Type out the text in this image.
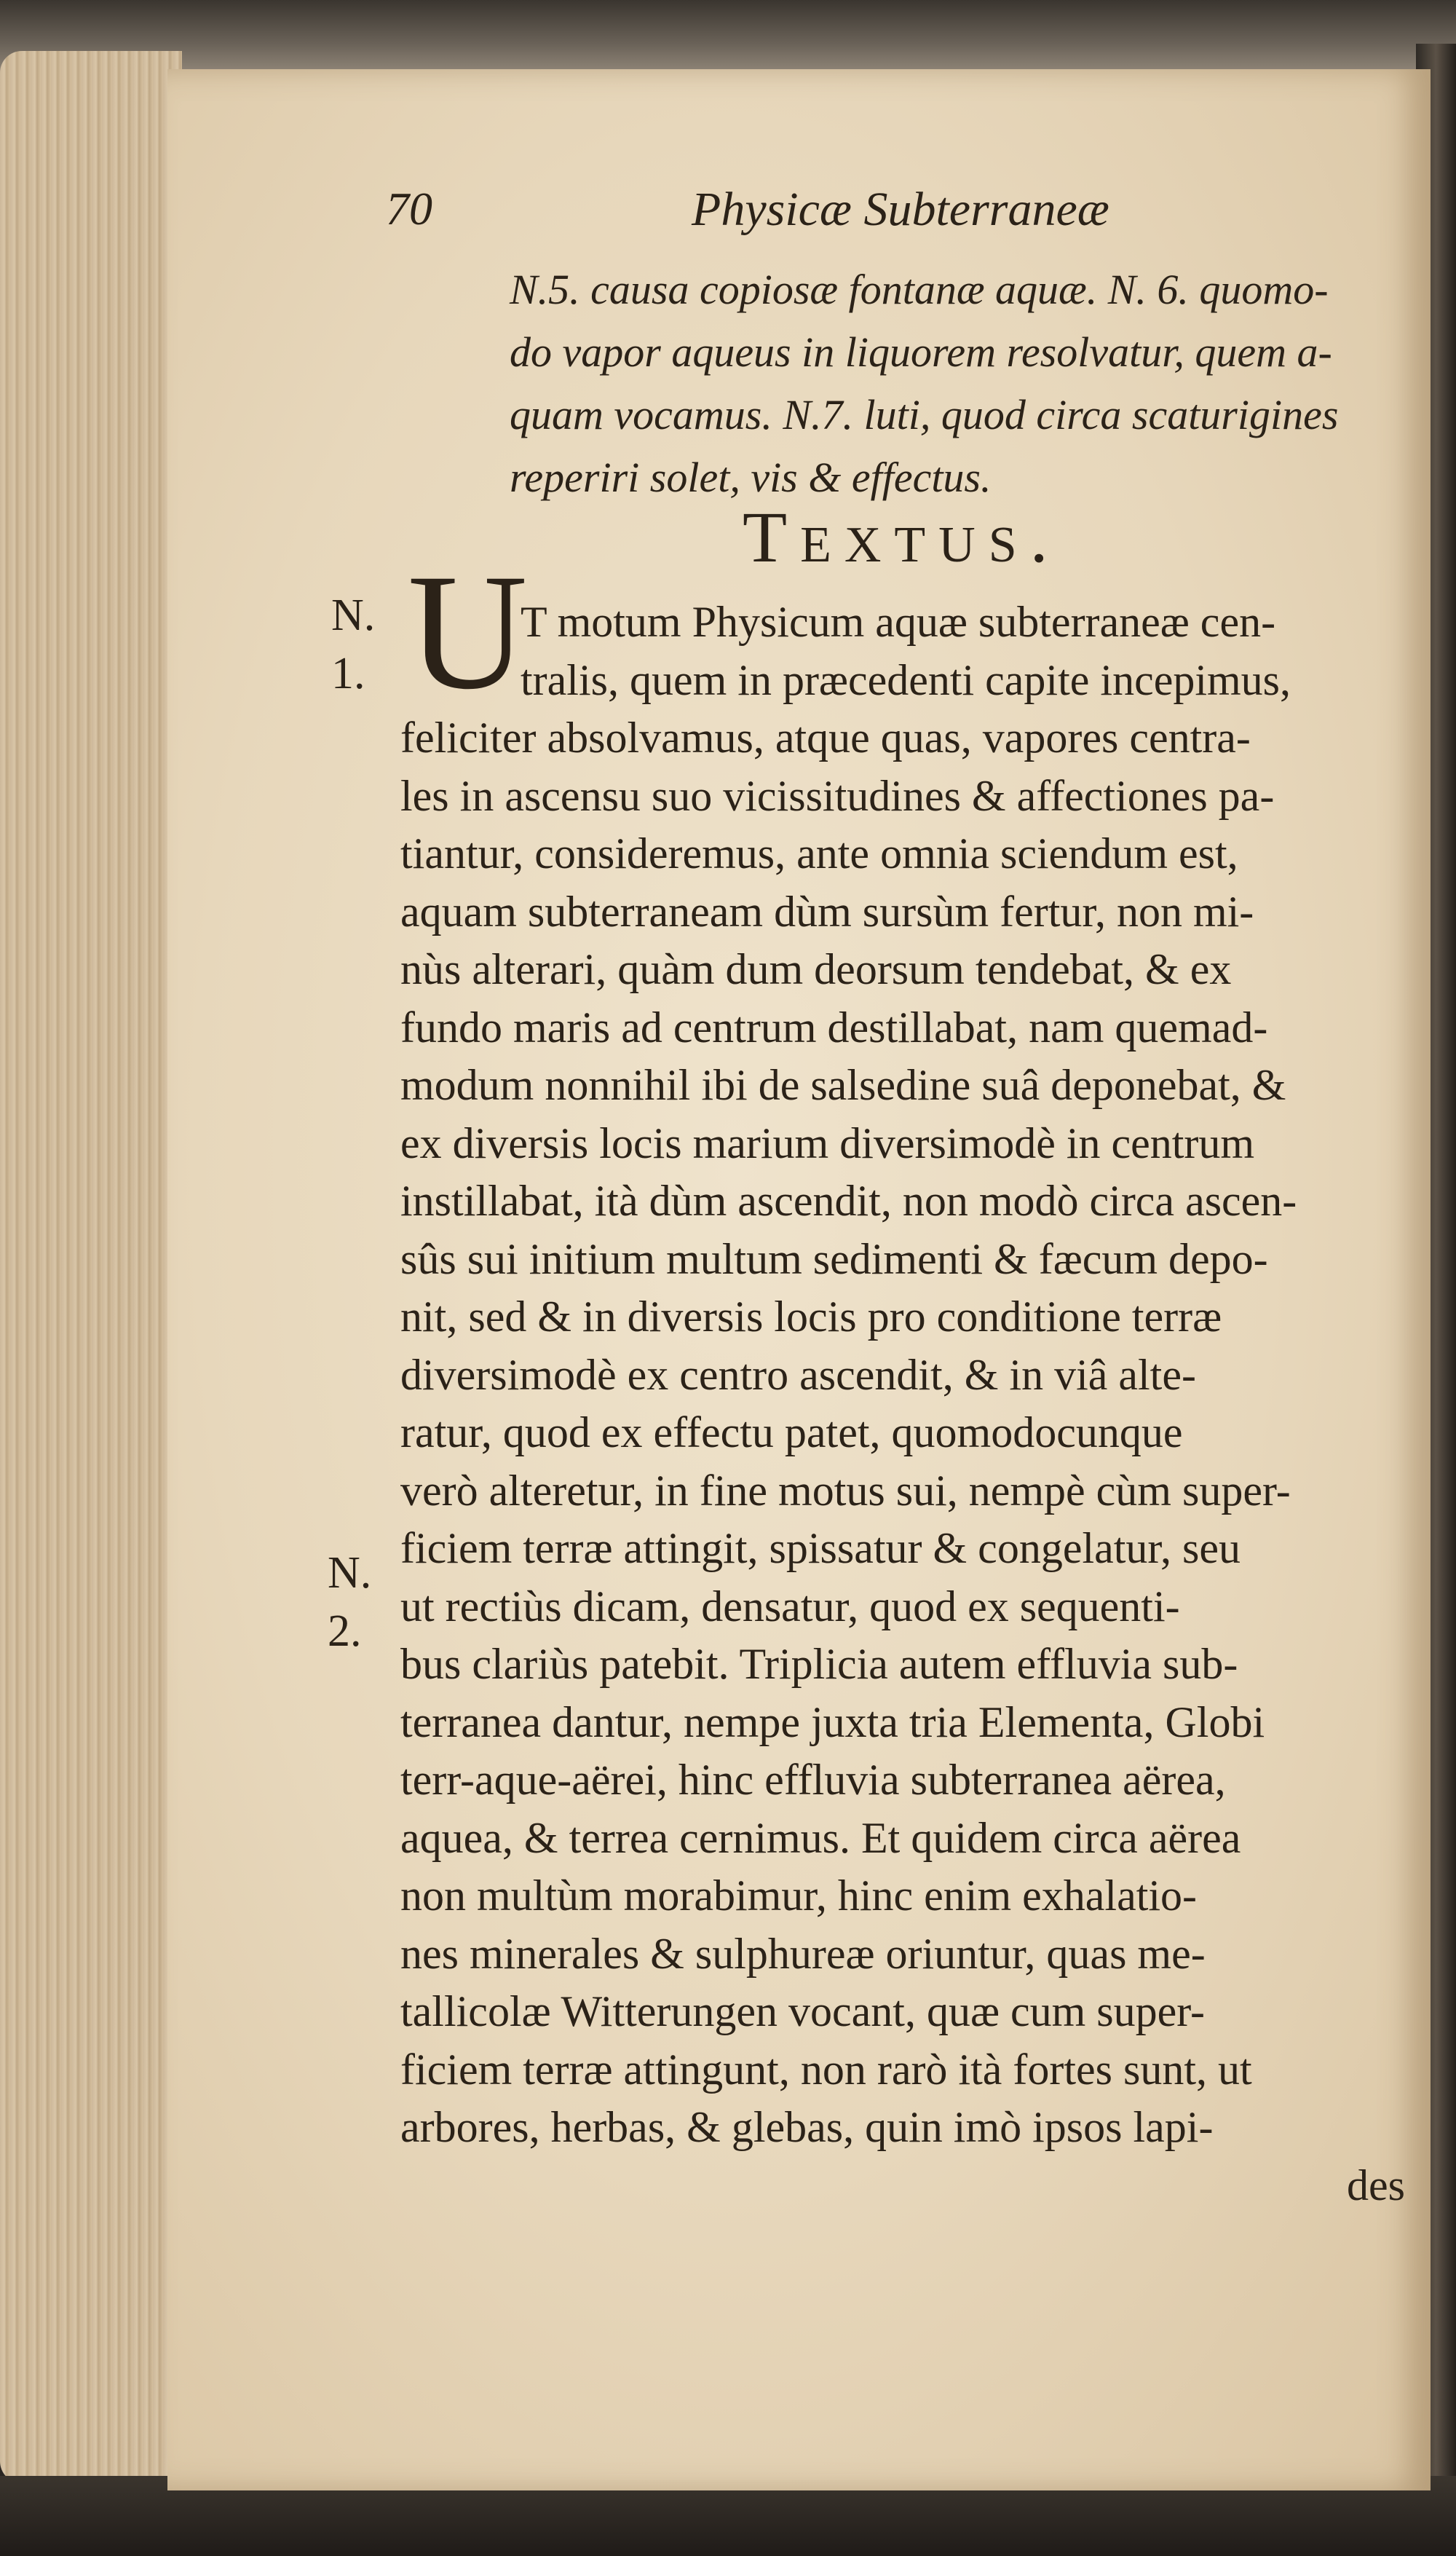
70	Physicæ Subterraneæ
N.5. causa copiosæ fontanæ aquæ. N. 6. quomo-
do vapor aqueus in liquorem resolvatur, quem a-
quam vocamus. N.7. luti, quod circa scaturigines
reperiri solet, vis & effectus.
Textus.
N.
1.
N.
2.
U
T motum Physicum aquæ subterraneæ cen-
tralis, quem in præcedenti capite incepimus,
feliciter absolvamus, atque quas, vapores centra-
les in ascensu suo vicissitudines & affectiones pa-
tiantur, consideremus, ante omnia sciendum est,
aquam subterraneam dùm sursùm fertur, non mi-
nùs alterari, quàm dum deorsum tendebat, & ex
fundo maris ad centrum destillabat, nam quemad-
modum nonnihil ibi de salsedine suâ deponebat, &
ex diversis locis marium diversimodè in centrum
instillabat, ità dùm ascendit, non modò circa ascen-
sûs sui initium multum sedimenti & fæcum depo-
nit, sed & in diversis locis pro conditione terræ
diversimodè ex centro ascendit, & in viâ alte-
ratur, quod ex effectu patet, quomodocunque
verò alteretur, in fine motus sui, nempè cùm super-
ficiem terræ attingit, spissatur & congelatur, seu
ut rectiùs dicam, densatur, quod ex sequenti-
bus clariùs patebit. Triplicia autem effluvia sub-
terranea dantur, nempe juxta tria Elementa, Globi
terr-aque-aërei, hinc effluvia subterranea aërea,
aquea, & terrea cernimus. Et quidem circa aërea
non multùm morabimur, hinc enim exhalatio-
nes minerales & sulphureæ oriuntur, quas me-
tallicolæ Witterungen vocant, quæ cum super-
ficiem terræ attingunt, non rarò ità fortes sunt, ut
arbores, herbas, & glebas, quin imò ipsos lapi-
des
